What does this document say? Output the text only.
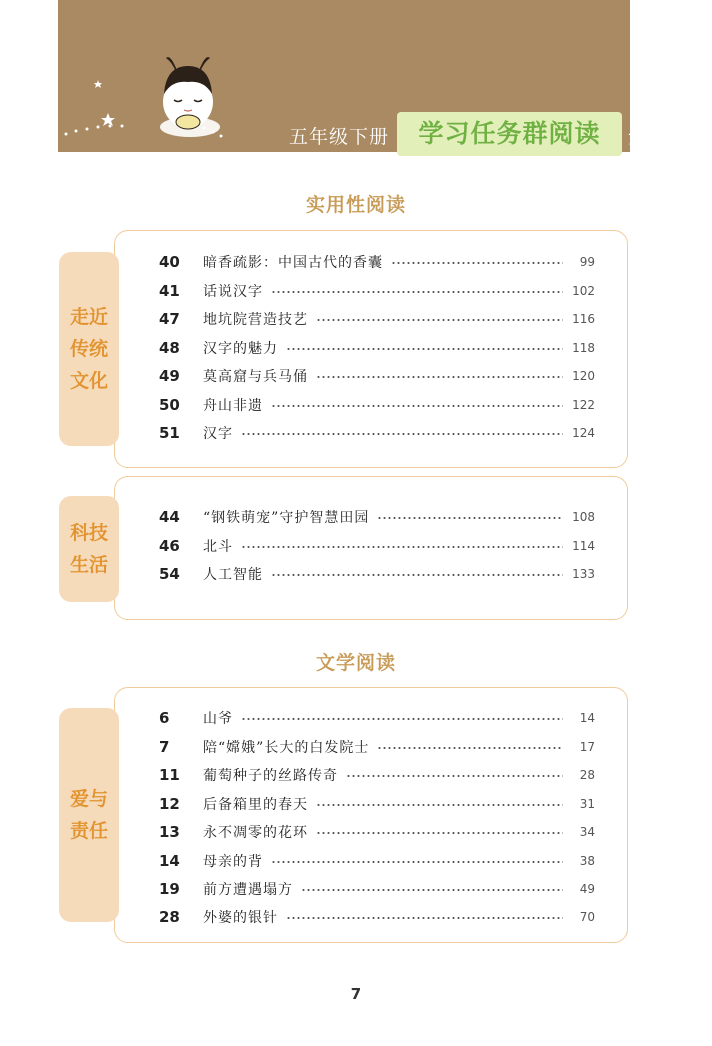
五年级下册	学习任务群阅读	索引
实用性阅读
走近传统文化
40	暗香疏影：中国古代的香囊	99
41	话说汉字	102
47	地坑院营造技艺	116
48	汉字的魅力	118
49	莫高窟与兵马俑	120
50	舟山非遗	122
51	汉字	124
科技生活
44	“钢铁萌宠”守护智慧田园	108
46	北斗	114
54	人工智能	133
文学阅读
爱与责任
6	山爷	14
7	陪“嫦娥”长大的白发院士	17
11	葡萄种子的丝路传奇	28
12	后备箱里的春天	31
13	永不凋零的花环	34
14	母亲的背	38
19	前方遭遇塌方	49
28	外婆的银针	70
7
